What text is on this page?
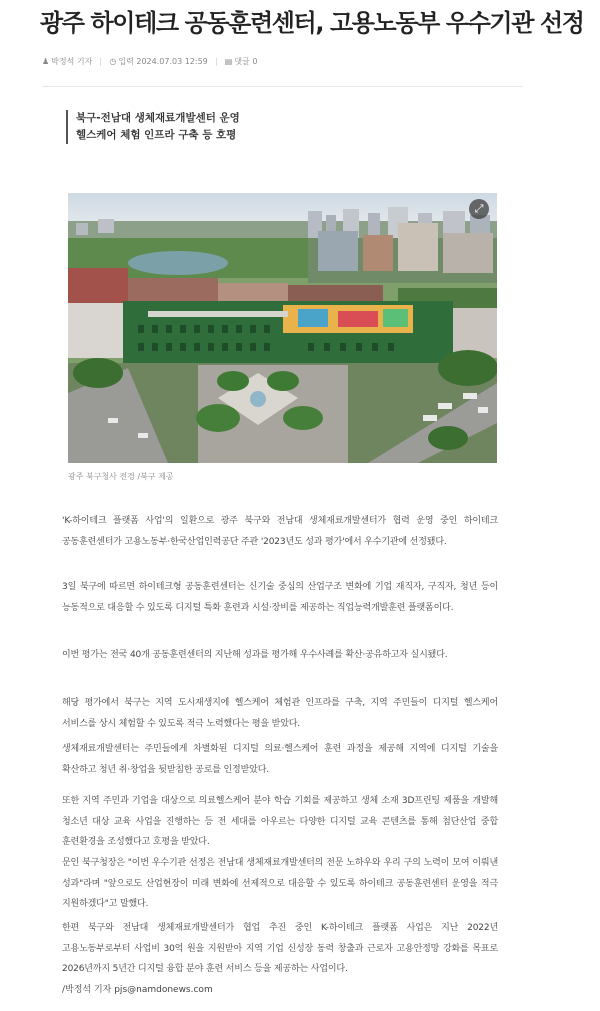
광주 하이테크 공동훈련센터, 고용노동부 우수기관 선정
♟ 박정석 기자 ◷ 입력
2024.07.03 12:59 ▤ 댓글 0
북구-전남대 생체재료개발센터 운영
헬스케어 체험 인프라 구축 등 호평
⤢
광주 북구청사 전경 /북구 제공

'K-하이테크 플랫폼 사업'의 일환으로 광주 북구와 전남대 생체재료개발센터가 협력 운영 중인 하이테크 공동훈련센터가 고용노동부·한국산업인력공단 주관 '2023년도 성과 평가'에서 우수기관에 선정됐다.

3일 북구에 따르면 하이테크형 공동훈련센터는 신기술 중심의 산업구조 변화에 기업 재직자, 구직자, 청년 등이 능동적으로 대응할 수 있도록 디지털 특화 훈련과 시설·장비를 제공하는 직업능력개발훈련 플랫폼이다.

이번 평가는 전국 40개 공동훈련센터의 지난해 성과를 평가해 우수사례를 확산·공유하고자 실시됐다.

해당 평가에서 북구는 지역 도시재생지에 헬스케어 체험관 인프라를 구축, 지역 주민들이 디지털 헬스케어 서비스를 상시 체험할 수 있도록 적극 노력했다는 평을 받았다.

생체재료개발센터는 주민들에게 차별화된 디지털 의료·헬스케어 훈련 과정을 제공해 지역에 디지털 기술을 확산하고 청년 취·창업을 뒷받침한 공로를 인정받았다.

또한 지역 주민과 기업을 대상으로 의료헬스케어 분야 학습 기회를 제공하고 생체 소재 3D프린팅 제품을 개발해 청소년 대상 교육 사업을 진행하는 등 전 세대를 아우르는 다양한 디지털 교육 콘텐츠를 통해 첨단산업 중합 훈련환경을 조성했다고 호평을 받았다.

문인 북구청장은 "이번 우수기관 선정은 전남대 생체재료개발센터의 전문 노하우와 우리 구의 노력이 모여 이뤄낸 성과"라며 "앞으로도 산업현장이 미래 변화에 선제적으로 대응할 수 있도록 하이테크 공동훈련센터 운영을 적극 지원하겠다"고 말했다.

한편 북구와 전남대 생체재료개발센터가 협업 추진 중인 K-하이테크 플랫폼 사업은 지난 2022년 고용노동부로부터 사업비 30억 원을 지원받아 지역 기업 신성장 동력 창출과 근로자 고용안정망 강화를 목표로 2026년까지 5년간 디지털 융합 분야 훈련 서비스 등을 제공하는 사업이다.

/박정석 기자 pjs@namdonews.com
